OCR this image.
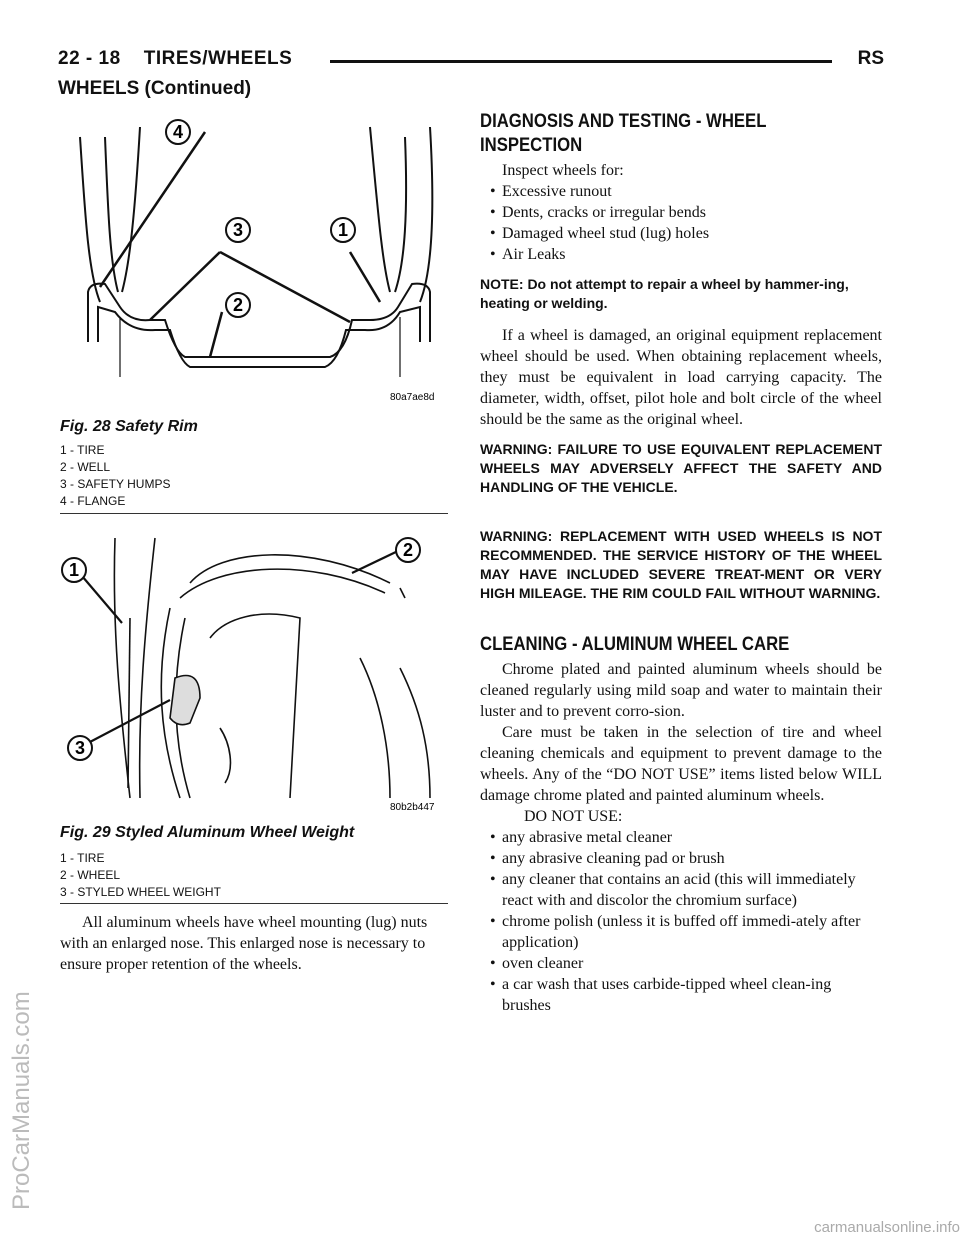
22 - 18    TIRES/WHEELS	RS
WHEELS (Continued)
4
3	1
2
80a7ae8d
Fig. 28 Safety Rim
1 - TIRE
2 - WELL
3 - SAFETY HUMPS
4 - FLANGE
1
2
3
80b2b447
Fig. 29 Styled Aluminum Wheel Weight
1 - TIRE
2 - WHEEL
3 - STYLED WHEEL WEIGHT

All aluminum wheels have wheel mounting (lug) nuts with an enlarged nose. This enlarged nose is necessary to ensure proper retention of the wheels.

DIAGNOSIS AND TESTING - WHEEL
INSPECTION

Inspect wheels for:

• Excessive runout

• Dents, cracks or irregular bends

• Damaged wheel stud (lug) holes

• Air Leaks

NOTE: Do not attempt to repair a wheel by hammer-ing, heating or welding.

If a wheel is damaged, an original equipment replacement wheel should be used. When obtaining replacement wheels, they must be equivalent in load carrying capacity. The diameter, width, offset, pilot hole and bolt circle of the wheel should be the same as the original wheel.

WARNING: FAILURE TO USE EQUIVALENT REPLACEMENT WHEELS MAY ADVERSELY AFFECT THE SAFETY AND HANDLING OF THE VEHICLE.

WARNING: REPLACEMENT WITH USED WHEELS IS NOT RECOMMENDED. THE SERVICE HISTORY OF THE WHEEL MAY HAVE INCLUDED SEVERE TREAT-MENT OR VERY HIGH MILEAGE. THE RIM COULD FAIL WITHOUT WARNING.

CLEANING - ALUMINUM WHEEL CARE

Chrome plated and painted aluminum wheels should be cleaned regularly using mild soap and water to maintain their luster and to prevent corro-sion.

Care must be taken in the selection of tire and wheel cleaning chemicals and equipment to prevent damage to the wheels. Any of the “DO NOT USE” items listed below WILL damage chrome plated and painted aluminum wheels.

DO NOT USE:

• any abrasive metal cleaner

• any abrasive cleaning pad or brush

• any cleaner that contains an acid (this will immediately react with and discolor the chromium surface)

• chrome polish (unless it is buffed off immedi-ately after application)

• oven cleaner

• a car wash that uses carbide-tipped wheel clean-ing brushes

ProCarManuals.com
carmanualsonline.info
